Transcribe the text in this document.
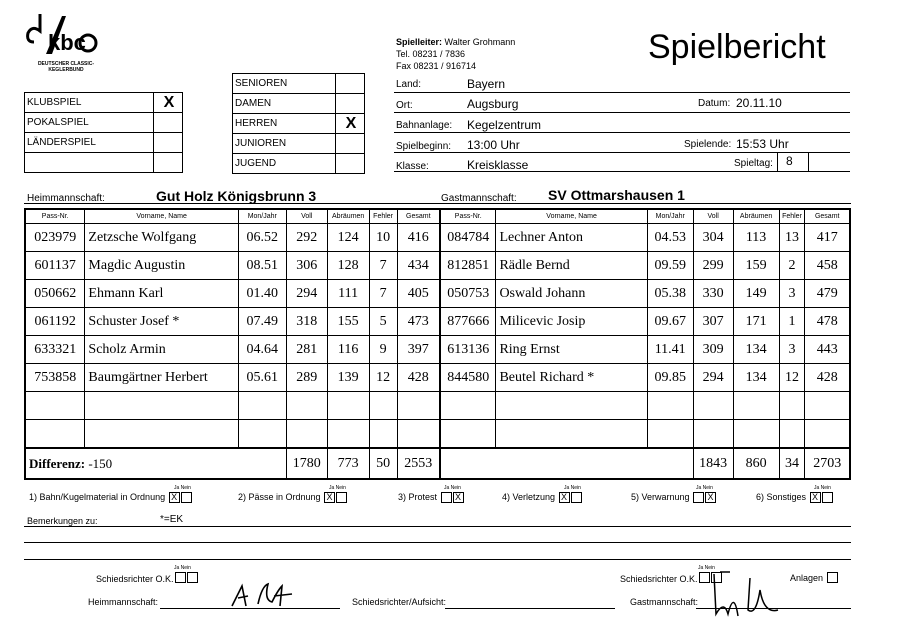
kbc
DEUTSCHER CLASSIC-
KEGLERBUND
Spielleiter: Walter Grohmann
Tel. 08231 / 7836
Fax 08231 / 916714	Spielbericht
KLUBSPIEL	X
POKALSPIEL	
LÄNDERSPIEL	

SENIOREN	
DAMEN	
HERREN	X
JUNIOREN	
JUGEND	
Land:	Bayern
Ort:	Augsburg	Datum: 20.11.10
Bahnanlage: Kegelzentrum
Spielbeginn: 13:00 Uhr	Spielende: 15:53 Uhr
Klasse:	Kreisklasse	Spieltag: 8
Heimmannschaft:	Gut Holz Königsbrunn 3	Gastmannschaft: SV Ottmarshausen 1
Pass-Nr.	Vorname, Name	Mon/Jahr	Voll	Abräumen	Fehler	Gesamt	Pass-Nr.	Vorname, Name	Mon/Jahr	Voll	Abräumen	Fehler	Gesamt
023979	Zetzsche Wolfgang	06.52	292	124	10	416	084784	Lechner Anton	04.53	304	113	13	417
601137	Magdic Augustin	08.51	306	128	7	434	812851	Rädle Bernd	09.59	299	159	2	458
050662	Ehmann Karl	01.40	294	111	7	405	050753	Oswald Johann	05.38	330	149	3	479
061192	Schuster Josef *	07.49	318	155	5	473	877666	Milicevic Josip	09.67	307	171	1	478
633321	Scholz Armin	04.64	281	116	9	397	613136	Ring Ernst	11.41	309	134	3	443
753858	Baumgärtner Herbert	05.61	289	139	12	428	844580	Beutel Richard *	09.85	294	134	12	428

Differenz: -150			1780	773	50	2553				1843	860	34	2703
1) Bahn/Kugelmaterial in Ordnung X
Ja Nein
2) Pässe in Ordnung X
Ja Nein
3) Protest X
Ja Nein
4) Verletzung X
Ja Nein
5) Verwarnung X
Ja Nein
6) Sonstiges X
Ja Nein
Bemerkungen zu:	*=EK
Schiedsrichter O.K.
Ja Nein
Schiedsrichter O.K.
Ja Nein
Anlagen
Heimmannschaft:	Schiedsrichter/Aufsicht:	Gastmannschaft:
